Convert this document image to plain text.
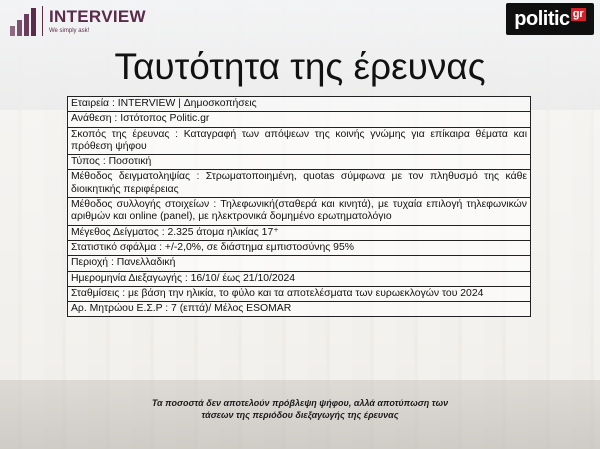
INTERVIEW
We simply ask!
politic gr
Ταυτότητα της έρευνας
Εταιρεία : INTERVIEW | Δημοσκοπήσεις
Ανάθεση : Ιστότοπος Politic.gr
Σκοπός της έρευνας : Καταγραφή των απόψεων της κοινής γνώμης για επίκαιρα θέματα και πρόθεση ψήφου
Τύπος : Ποσοτική
Μέθοδος δειγματοληψίας : Στρωματοποιημένη, quotas σύμφωνα με τον πληθυσμό της κάθε διοικητικής περιφέρειας
Μέθοδος συλλογής στοιχείων : Τηλεφωνική(σταθερά και κινητά), με τυχαία επιλογή τηλεφωνικών αριθμών και online (panel), με ηλεκτρονικά δομημένο ερωτηματολόγιο
Μέγεθος Δείγματος : 2.325 άτομα ηλικίας 17⁺
Στατιστικό σφάλμα : +/-2,0%, σε διάστημα εμπιστοσύνης 95%
Περιοχή : Πανελλαδική
Ημερομηνία Διεξαγωγής : 16/10/ έως 21/10/2024
Σταθμίσεις : με βάση την ηλικία, το φύλο και τα αποτελέσματα των ευρωεκλογών του 2024
Αρ. Μητρώου Ε.Σ.Ρ : 7 (επτά)/ Μέλος ESOMAR
Τα ποσοστά δεν αποτελούν πρόβλεψη ψήφου, αλλά αποτύπωση των
τάσεων της περιόδου διεξαγωγής της έρευνας
